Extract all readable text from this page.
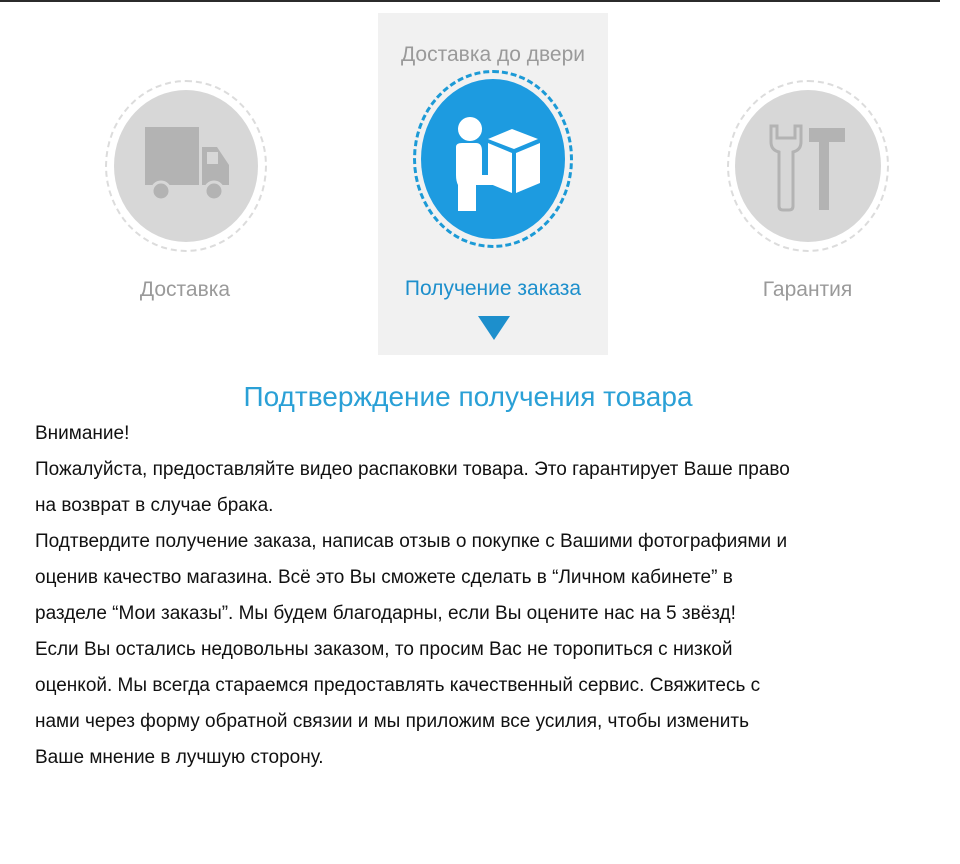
Доставка
Доставка до двери
Получение заказа	Гарантия
Подтверждение получения товара

Внимание!

Пожалуйста, предоставляйте видео распаковки товара. Это гарантирует Ваше право

на возврат в случае брака.

Подтвердите получение заказа, написав отзыв о покупке с Вашими фотографиями и

оценив качество магазина. Всё это Вы сможете сделать в “Личном кабинете” в

разделе “Мои заказы”. Мы будем благодарны, если Вы оцените нас на 5 звёзд!

Если Вы остались недовольны заказом, то просим Вас не торопиться с низкой

оценкой. Мы всегда стараемся предоставлять качественный сервис. Свяжитесь с

нами через форму обратной связии и мы приложим все усилия, чтобы изменить

Ваше мнение в лучшую сторону.
